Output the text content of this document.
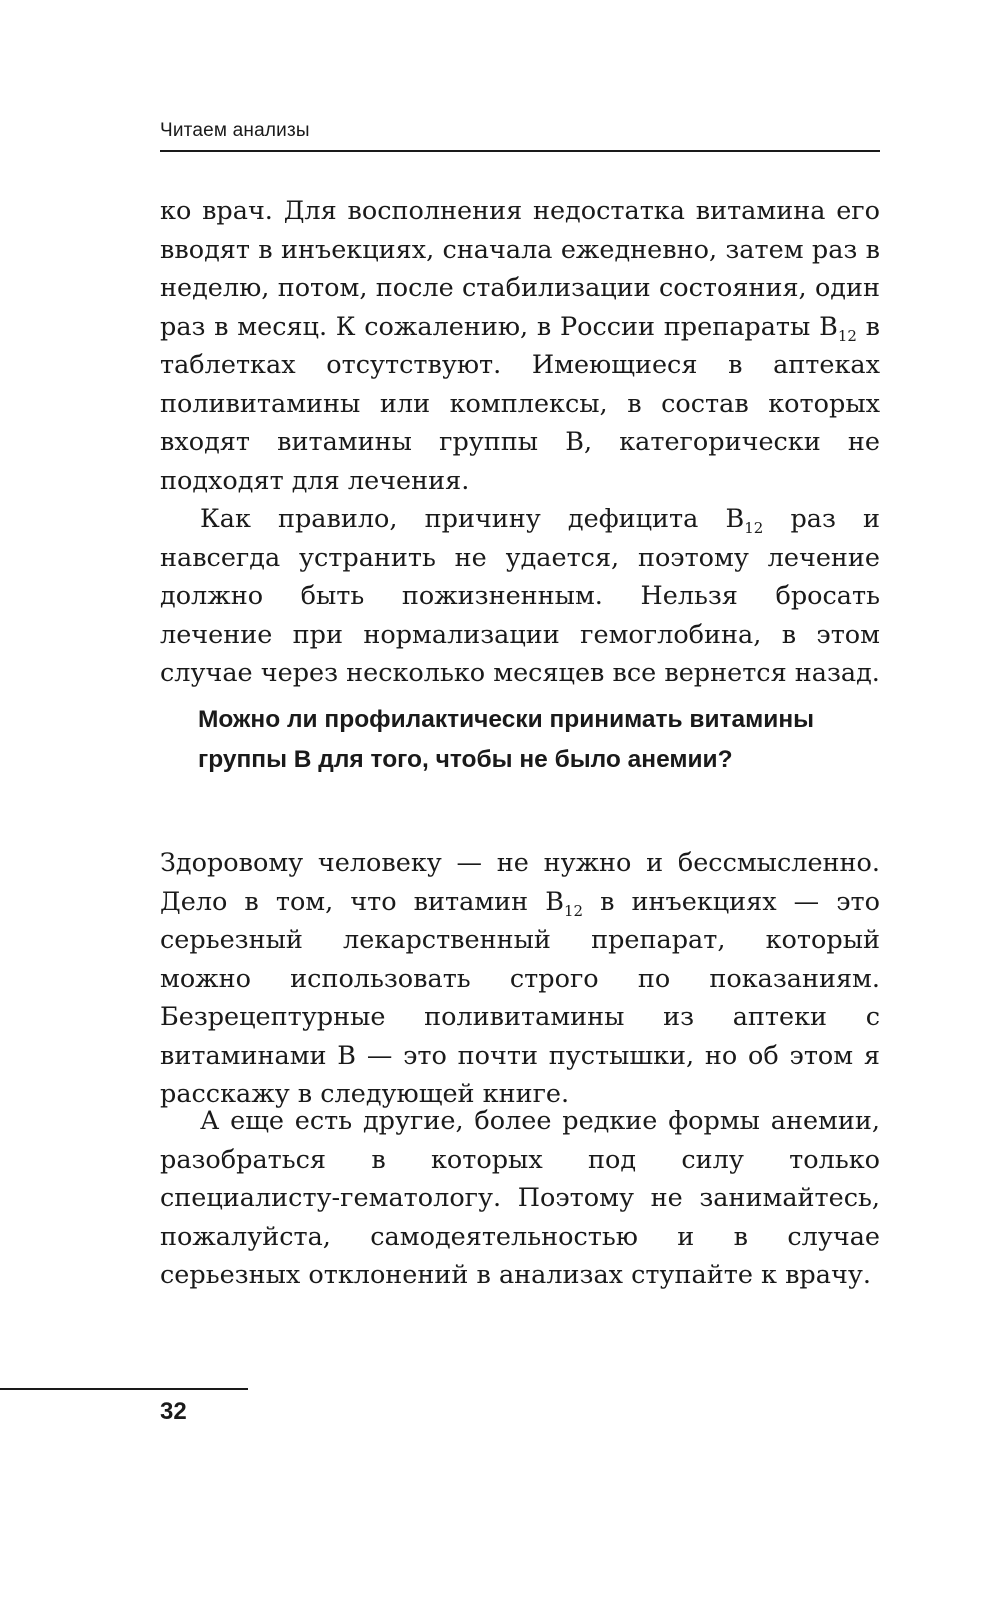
Читаем анализы

ко врач. Для восполнения недостатка витамина его вводят в инъекциях, сначала ежедневно, затем раз в неделю, потом, после стабилизации состояния, один раз в месяц. К сожалению, в России препараты $B_{12}$ в таблетках отсутствуют. Имеющиеся в аптеках поливитамины или комплексы, в состав которых входят витамины группы B, категорически не подходят для лечения.

Как правило, причину дефицита $B_{12}$ раз и навсегда устранить не удается, поэтому лечение должно быть пожизненным. Нельзя бросать лечение при нормализации гемоглобина, в этом случае через несколько месяцев все вернется назад.

Можно ли профилактически принимать витамины группы B для того, чтобы не было анемии?

Здоровому человеку — не нужно и бессмысленно. Дело в том, что витамин $B_{12}$ в инъекциях — это серьезный лекарственный препарат, который можно использовать строго по показаниям. Безрецептурные поливитамины из аптеки с витаминами B — это почти пустышки, но об этом я расскажу в следующей книге.

А еще есть другие, более редкие формы анемии, разобраться в которых под силу только специалисту-гематологу. Поэтому не занимайтесь, пожалуйста, самодеятельностью и в случае серьезных отклонений в анализах ступайте к врачу.

32
